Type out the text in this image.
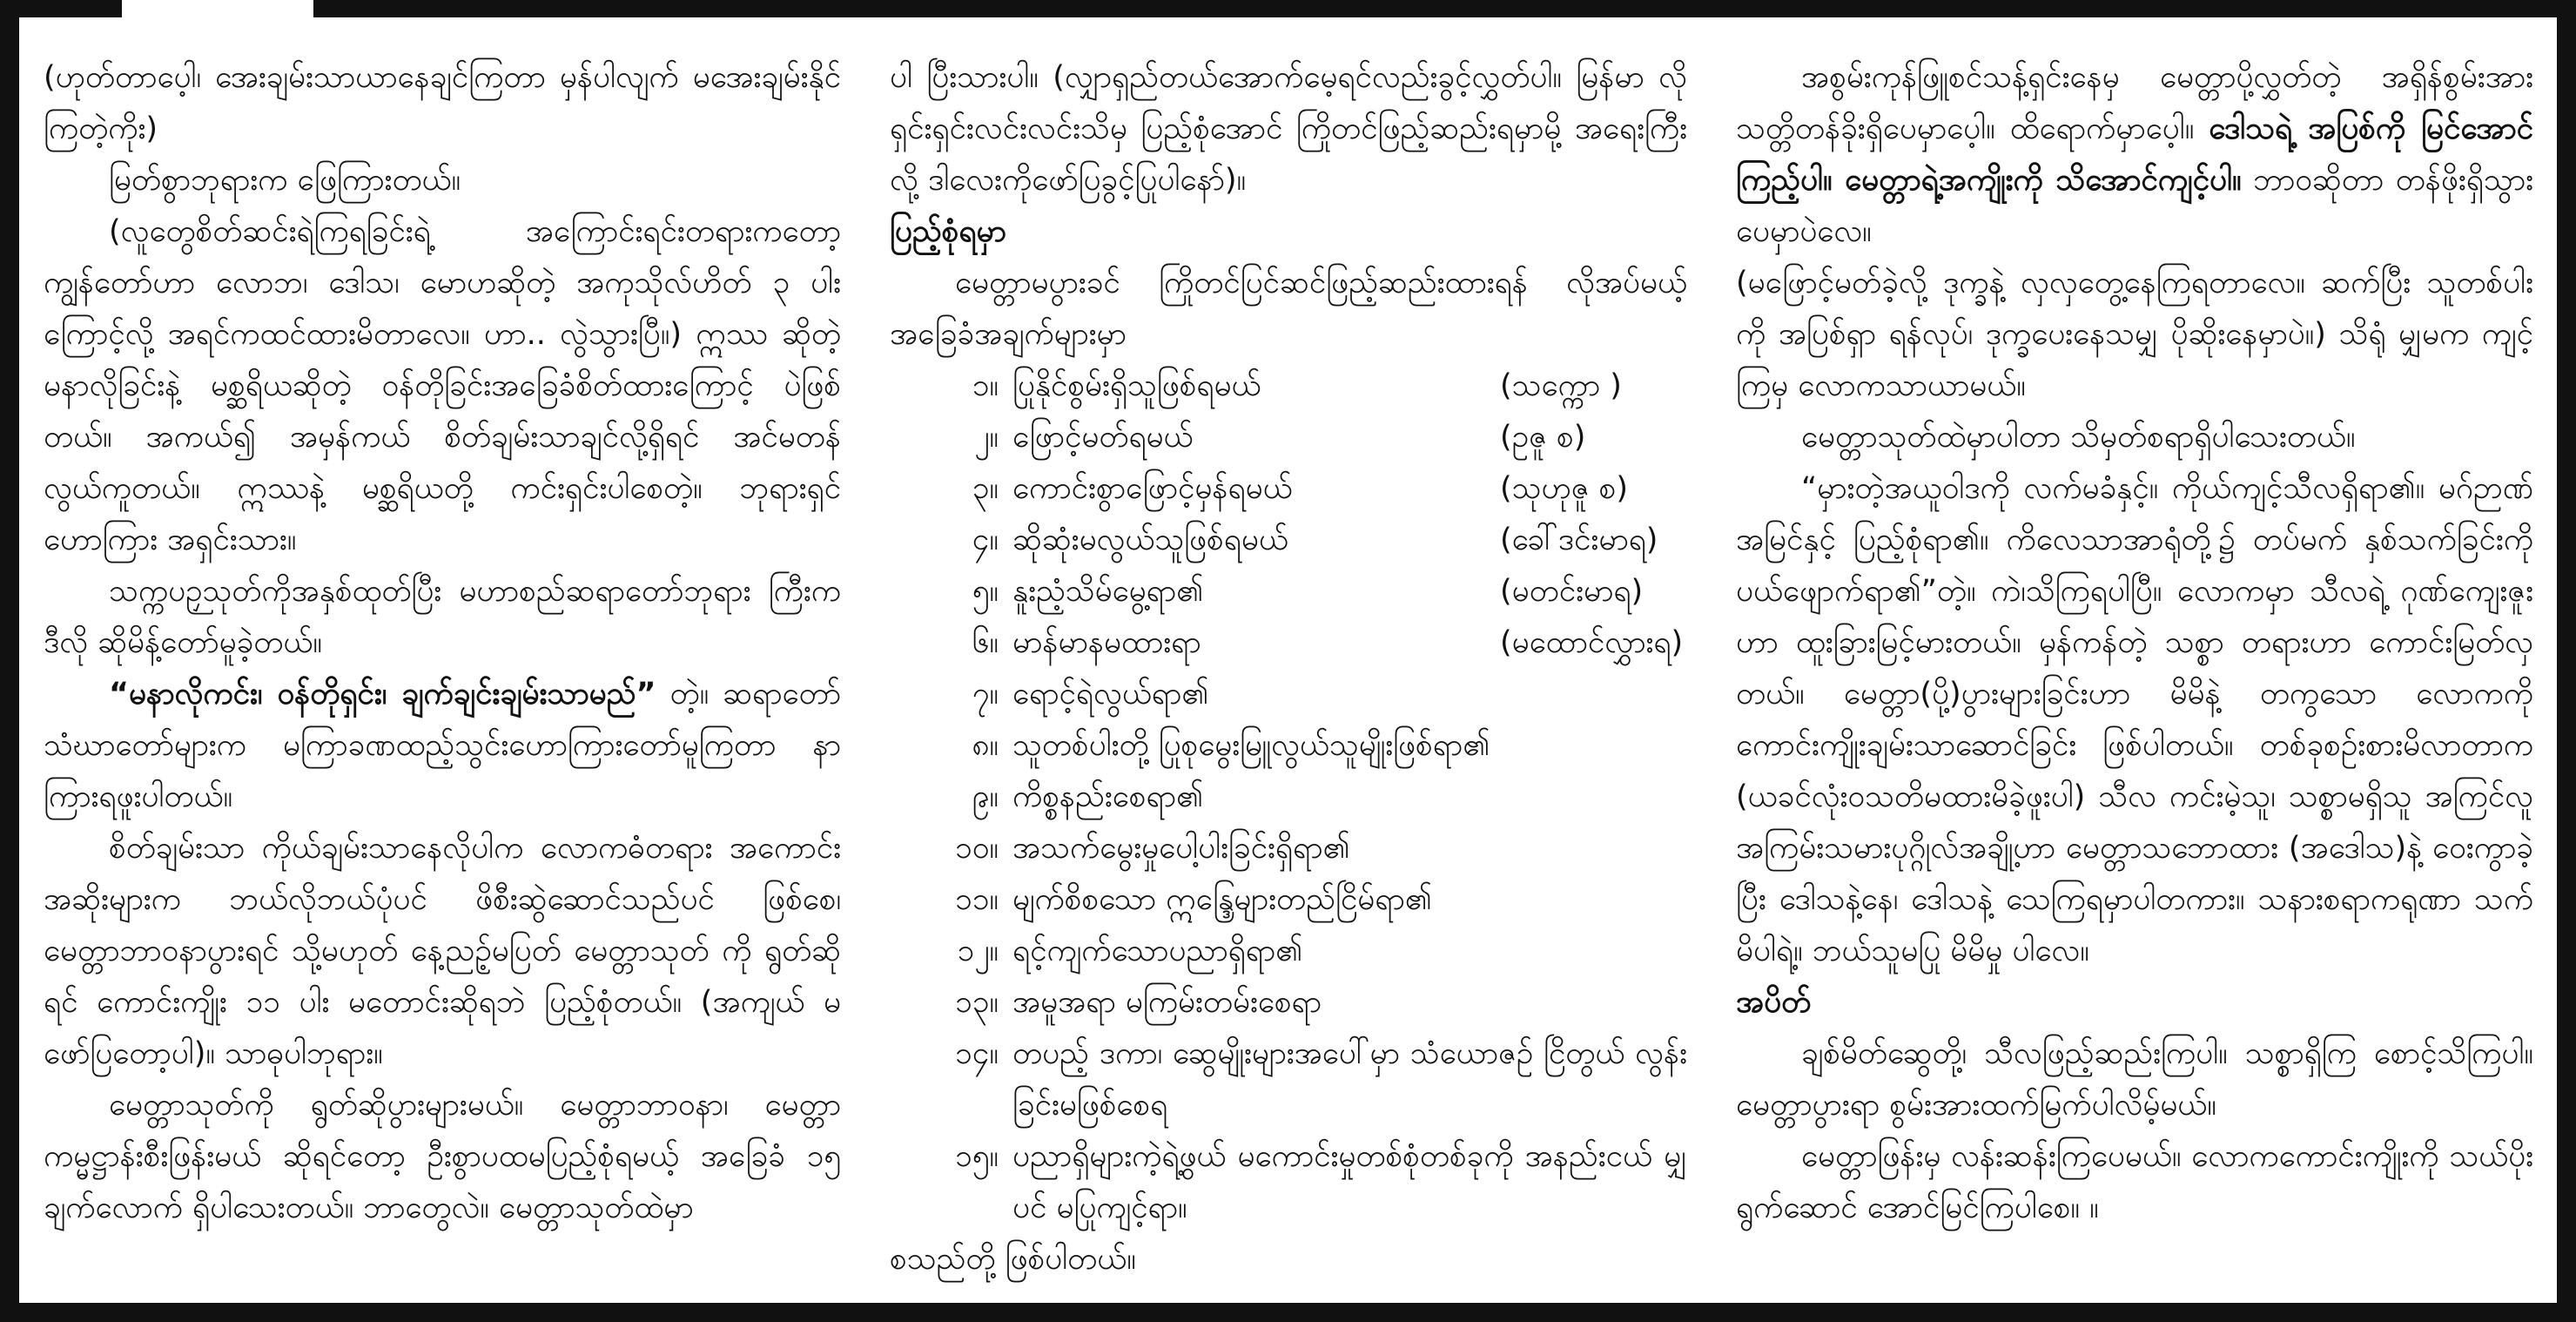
(ဟုတ်တာပေ့ါ၊ အေးချမ်းသာယာနေချင်ကြတာ မှန်ပါလျက် မအေးချမ်းနိုင်ကြတဲ့ကိုး)

မြတ်စွာဘုရားက ဖြေကြားတယ်။

(လူတွေစိတ်ဆင်းရဲကြရခြင်းရဲ့ အကြောင်းရင်းတရားကတော့ ကျွန်တော်ဟာ လောဘ၊ ဒေါသ၊ မောဟဆိုတဲ့ အကုသိုလ်ဟိတ် ၃ ပါးကြောင့်လို့ အရင်ကထင်ထားမိတာလေ။ ဟာ.. လွဲသွားပြီ။) ဣဿ ဆိုတဲ့ မနာလိုခြင်းနဲ့ မစ္ဆရိယဆိုတဲ့ ဝန်တိုခြင်းအခြေခံစိတ်ထားကြောင့် ပဲဖြစ်တယ်။ အကယ်၍ အမှန်ကယ် စိတ်ချမ်းသာချင်လို့ရှိရင် အင်မတန် လွယ်ကူတယ်။ ဣဿနဲ့ မစ္ဆရိယတို့ ကင်းရှင်းပါစေတဲ့။ ဘုရားရှင် ဟောကြား အရှင်းသား။

သက္ကပဉှသုတ်ကိုအနှစ်ထုတ်ပြီး မဟာစည်ဆရာတော်ဘုရား ကြီးက ဒီလို ဆိုမိန့်တော်မူခဲ့တယ်။

“မနာလိုကင်း၊ ဝန်တိုရှင်း၊ ချက်ချင်းချမ်းသာမည်” တဲ့။ ဆရာတော် သံဃာတော်များက မကြာခဏထည့်သွင်းဟောကြားတော်မူကြတာ နာကြားရဖူးပါတယ်။

စိတ်ချမ်းသာ ကိုယ်ချမ်းသာနေလိုပါက လောကဓံတရား အကောင်းအဆိုးများက ဘယ်လိုဘယ်ပုံပင် ဖိစီးဆွဲဆောင်သည်ပင် ဖြစ်စေ၊ မေတ္တာဘာဝနာပွားရင် သို့မဟုတ် နေ့ညဉ့်မပြတ် မေတ္တာသုတ် ကို ရွတ်ဆိုရင် ကောင်းကျိုး ၁၁ ပါး မတောင်းဆိုရဘဲ ပြည့်စုံတယ်။ (အကျယ် မဖော်ပြတော့ပါ)။ သာဓုပါဘုရား။

မေတ္တာသုတ်ကို ရွတ်ဆိုပွားများမယ်။ မေတ္တာဘာဝနာ၊ မေတ္တာ ကမ္မဋ္ဌာန်းစီးဖြန်းမယ် ဆိုရင်တော့ ဦးစွာပထမပြည့်စုံရမယ့် အခြေခံ ၁၅ ချက်လောက် ရှိပါသေးတယ်။ ဘာတွေလဲ။ မေတ္တာသုတ်ထဲမှာ

ပါ ပြီးသားပါ။ (လျှာရှည်တယ်အောက်မေ့ရင်လည်းခွင့်လွှတ်ပါ။ မြန်မာ လိုရှင်းရှင်းလင်းလင်းသိမှ ပြည့်စုံအောင် ကြိုတင်ဖြည့်ဆည်းရမှာမို့ အရေးကြီးလို့ ဒါလေးကိုဖော်ပြခွင့်ပြုပါနော်)။

ပြည့်စုံရမှာ

မေတ္တာမပွားခင် ကြိုတင်ပြင်ဆင်ဖြည့်ဆည်းထားရန် လိုအပ်မယ့် အခြေခံအချက်များမှာ

၁။ ပြုနိုင်စွမ်းရှိသူဖြစ်ရမယ်	(သက္ကော )
၂။ ဖြောင့်မတ်ရမယ်	(ဥဇူ စ)
၃။ ကောင်းစွာဖြောင့်မှန်ရမယ်	(သုဟုဇူ စ)
၄။ ဆိုဆုံးမလွယ်သူဖြစ်ရမယ်	(ခေါ်ဒင်းမာရ)
၅။ နူးညံ့သိမ်မွေ့ရာ၏	(မတင်းမာရ)
၆။ မာန်မာနမထားရာ	(မထောင်လွှားရ)
၇။ ရောင့်ရဲလွယ်ရာ၏
၈။ သူတစ်ပါးတို့ ပြုစုမွေးမြူလွယ်သူမျိုးဖြစ်ရာ၏
၉။ ကိစ္စနည်းစေရာ၏
၁၀။ အသက်မွေးမှုပေါ့ပါးခြင်းရှိရာ၏
၁၁။ မျက်စိစသော ဣန္ဒြေများတည်ငြိမ်ရာ၏
၁၂။ ရင့်ကျက်သောပညာရှိရာ၏
၁၃။ အမူအရာ မကြမ်းတမ်းစေရာ
၁၄။ တပည့် ဒကာ၊ ဆွေမျိုးများအပေါ်မှာ သံယောဇဉ် ငြိတွယ် လွန်းခြင်းမဖြစ်စေရ
၁၅။ ပညာရှိများကဲ့ရဲ့ဖွယ် မကောင်းမှုတစ်စုံတစ်ခုကို အနည်းငယ် မျှပင် မပြုကျင့်ရာ။

စသည်တို့ ဖြစ်ပါတယ်။

အစွမ်းကုန်ဖြူစင်သန့်ရှင်းနေမှ မေတ္တာပို့လွှတ်တဲ့ အရှိန်စွမ်းအား သတ္တိတန်ခိုးရှိပေမှာပေ့ါ။ ထိရောက်မှာပေ့ါ။ ဒေါသရဲ့ အပြစ်ကို မြင်အောင်ကြည့်ပါ။ မေတ္တာရဲ့အကျိုးကို သိအောင်ကျင့်ပါ။ ဘာဝဆိုတာ တန်ဖိုးရှိသွားပေမှာပဲလေ။

(မဖြောင့်မတ်ခဲ့လို့ ဒုက္ခနဲ့ လှလှတွေ့နေကြရတာလေ။ ဆက်ပြီး သူတစ်ပါးကို အပြစ်ရှာ ရန်လုပ်၊ ဒုက္ခပေးနေသမျှ ပိုဆိုးနေမှာပဲ။) သိရုံ မျှမက ကျင့်ကြမှ လောကသာယာမယ်။

မေတ္တာသုတ်ထဲမှာပါတာ သိမှတ်စရာရှိပါသေးတယ်။

“မှားတဲ့အယူဝါဒကို လက်မခံနှင့်။ ကိုယ်ကျင့်သီလရှိရာ၏။ မဂ်ဉာဏ်အမြင်နှင့် ပြည့်စုံရာ၏။ ကိလေသာအာရုံတို့၌ တပ်မက် နှစ်သက်ခြင်းကို ပယ်ဖျောက်ရာ၏”တဲ့။ ကဲ၊သိကြရပါပြီ။ လောကမှာ သီလရဲ့ ဂုဏ်ကျေးဇူးဟာ ထူးခြားမြင့်မားတယ်။ မှန်ကန်တဲ့ သစ္စာ တရားဟာ ကောင်းမြတ်လှတယ်။ မေတ္တာ(ပို့)ပွားများခြင်းဟာ မိမိနဲ့ တကွသော လောကကို ကောင်းကျိုးချမ်းသာဆောင်ခြင်း ဖြစ်ပါတယ်။ တစ်ခုစဉ်းစားမိလာတာက (ယခင်လုံးဝသတိမထားမိခဲ့ဖူးပါ) သီလ ကင်းမဲ့သူ၊ သစ္စာမရှိသူ အကြင်လူ အကြမ်းသမားပုဂ္ဂိုလ်အချို့ဟာ မေတ္တာသဘောထား (အဒေါသ)နဲ့ ဝေးကွာခဲ့ပြီး ဒေါသနဲ့နေ၊ ဒေါသနဲ့ သေကြရမှာပါတကား။ သနားစရာကရုဏာ သက်မိပါရဲ့။ ဘယ်သူမပြု မိမိမှု ပါလေ။

အပိတ်

ချစ်မိတ်ဆွေတို့၊ သီလဖြည့်ဆည်းကြပါ။ သစ္စာရှိကြ စောင့်သိကြပါ။ မေတ္တာပွားရာ စွမ်းအားထက်မြက်ပါလိမ့်မယ်။

မေတ္တာဖြန်းမှ လန်းဆန်းကြပေမယ်။ လောကကောင်းကျိုးကို သယ်ပိုးရွက်ဆောင် အောင်မြင်ကြပါစေ။ ။
